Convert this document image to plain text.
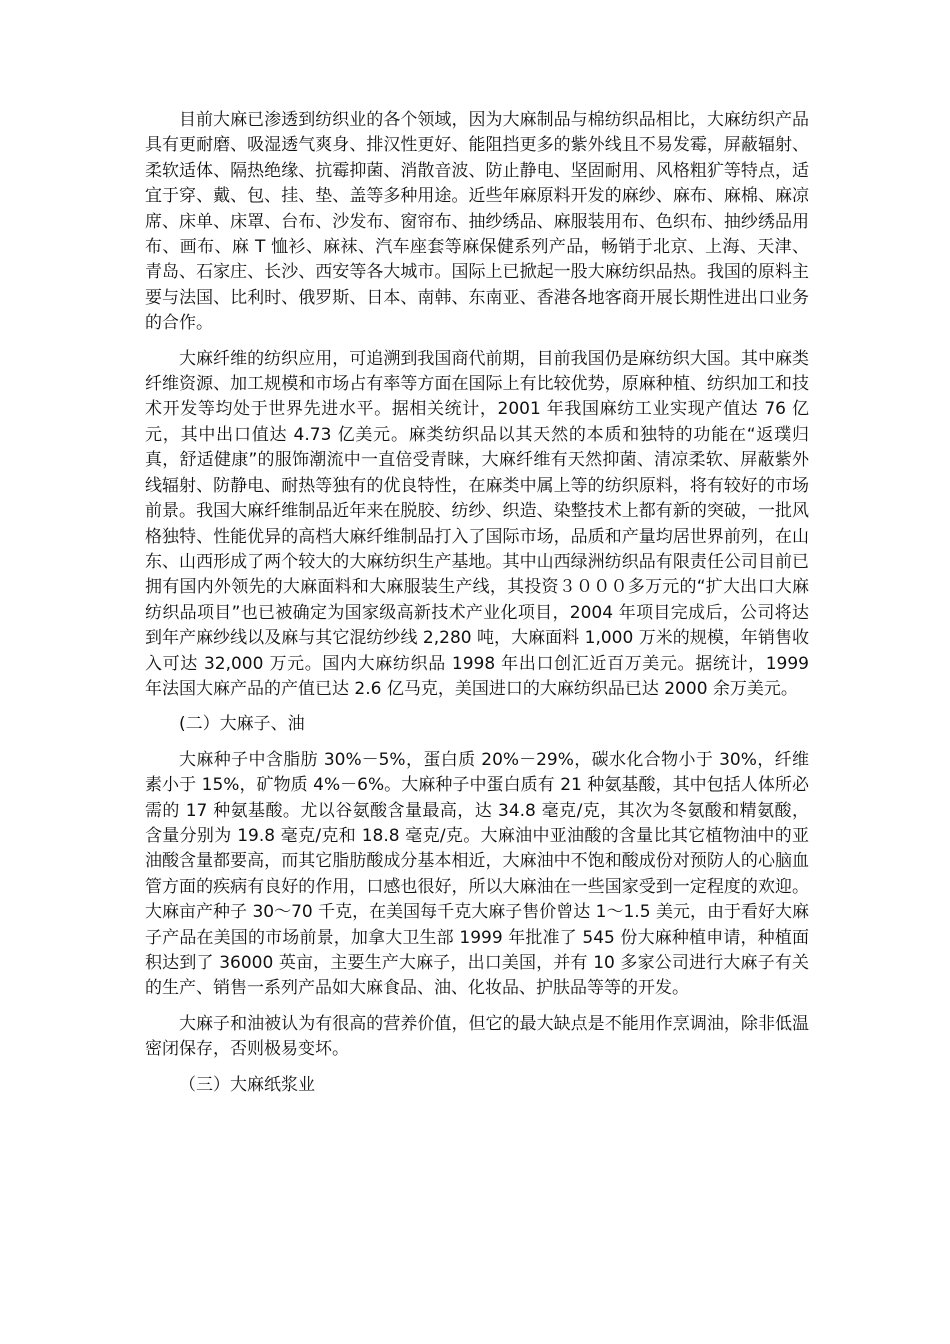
目前大麻已渗透到纺织业的各个领域，因为大麻制品与棉纺织品相比，大麻纺织产品具有更耐磨、吸湿透气爽身、排汉性更好、能阻挡更多的紫外线且不易发霉，屏蔽辐射、柔软适体、隔热绝缘、抗霉抑菌、消散音波、防止静电、坚固耐用、风格粗犷等特点，适宜于穿、戴、包、挂、垫、盖等多种用途。近些年麻原料开发的麻纱、麻布、麻棉、麻凉席、床单、床罩、台布、沙发布、窗帘布、抽纱绣品、麻服装用布、色织布、抽纱绣品用布、画布、麻 T 恤衫、麻袜、汽车座套等麻保健系列产品，畅销于北京、上海、天津、青岛、石家庄、长沙、西安等各大城市。国际上已掀起一股大麻纺织品热。我国的原料主要与法国、比利时、俄罗斯、日本、南韩、东南亚、香港各地客商开展长期性进出口业务的合作。

大麻纤维的纺织应用，可追溯到我国商代前期，目前我国仍是麻纺织大国。其中麻类纤维资源、加工规模和市场占有率等方面在国际上有比较优势，原麻种植、纺织加工和技术开发等均处于世界先进水平。据相关统计，2001 年我国麻纺工业实现产值达 76 亿元，其中出口值达 4.73 亿美元。麻类纺织品以其天然的本质和独特的功能在“返璞归真，舒适健康”的服饰潮流中一直倍受青睐，大麻纤维有天然抑菌、清凉柔软、屏蔽紫外线辐射、防静电、耐热等独有的优良特性，在麻类中属上等的纺织原料，将有较好的市场前景。我国大麻纤维制品近年来在脱胶、纺纱、织造、染整技术上都有新的突破，一批风格独特、性能优异的高档大麻纤维制品打入了国际市场，品质和产量均居世界前列，在山东、山西形成了两个较大的大麻纺织生产基地。其中山西绿洲纺织品有限责任公司目前已拥有国内外领先的大麻面料和大麻服装生产线，其投资３０００多万元的“扩大出口大麻纺织品项目”也已被确定为国家级高新技术产业化项目，2004 年项目完成后，公司将达到年产麻纱线以及麻与其它混纺纱线 2,280 吨，大麻面料 1,000 万米的规模，年销售收入可达 32,000 万元。国内大麻纺织品 1998 年出口创汇近百万美元。据统计，1999 年法国大麻产品的产值已达 2.6 亿马克，美国进口的大麻纺织品已达 2000 余万美元。

(二）大麻子、油

大麻种子中含脂肪 30%－5%，蛋白质 20%－29%，碳水化合物小于 30%，纤维素小于 15%，矿物质 4%－6%。大麻种子中蛋白质有 21 种氨基酸，其中包括人体所必需的 17 种氨基酸。尤以谷氨酸含量最高，达 34.8 毫克/克，其次为冬氨酸和精氨酸，含量分别为 19.8 毫克/克和 18.8 毫克/克。大麻油中亚油酸的含量比其它植物油中的亚油酸含量都要高，而其它脂肪酸成分基本相近，大麻油中不饱和酸成份对预防人的心脑血管方面的疾病有良好的作用，口感也很好，所以大麻油在一些国家受到一定程度的欢迎。大麻亩产种子 30～70 千克，在美国每千克大麻子售价曾达 1～1.5 美元，由于看好大麻子产品在美国的市场前景，加拿大卫生部 1999 年批准了 545 份大麻种植申请，种植面积达到了 36000 英亩，主要生产大麻子，出口美国，并有 10 多家公司进行大麻子有关的生产、销售一系列产品如大麻食品、油、化妆品、护肤品等等的开发。

大麻子和油被认为有很高的营养价值，但它的最大缺点是不能用作烹调油，除非低温密闭保存，否则极易变坏。

（三）大麻纸浆业
